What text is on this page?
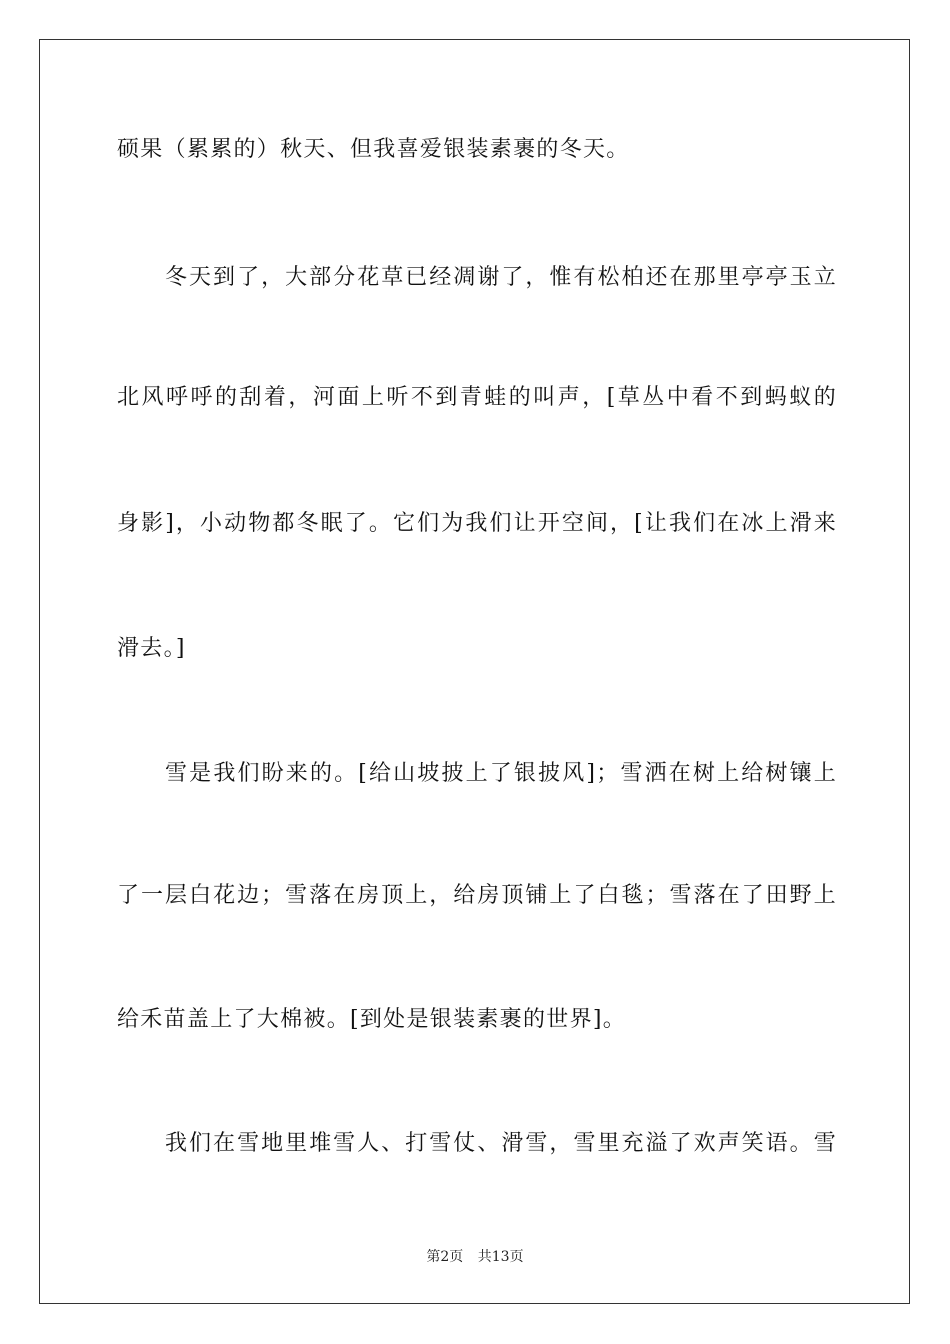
硕果（累累的）秋天、但我喜爱银装素裹的冬天。
冬天到了，大部分花草已经凋谢了，惟有松柏还在那里亭亭玉立
北风呼呼的刮着，河面上听不到青蛙的叫声，[草丛中看不到蚂蚁的
身影]，小动物都冬眠了。它们为我们让开空间，[让我们在冰上滑来
滑去。]
雪是我们盼来的。[给山坡披上了银披风]；雪洒在树上给树镶上
了一层白花边；雪落在房顶上，给房顶铺上了白毯；雪落在了田野上
给禾苗盖上了大棉被。[到处是银装素裹的世界]。
我们在雪地里堆雪人、打雪仗、滑雪，雪里充溢了欢声笑语。雪
第2页 共13页
